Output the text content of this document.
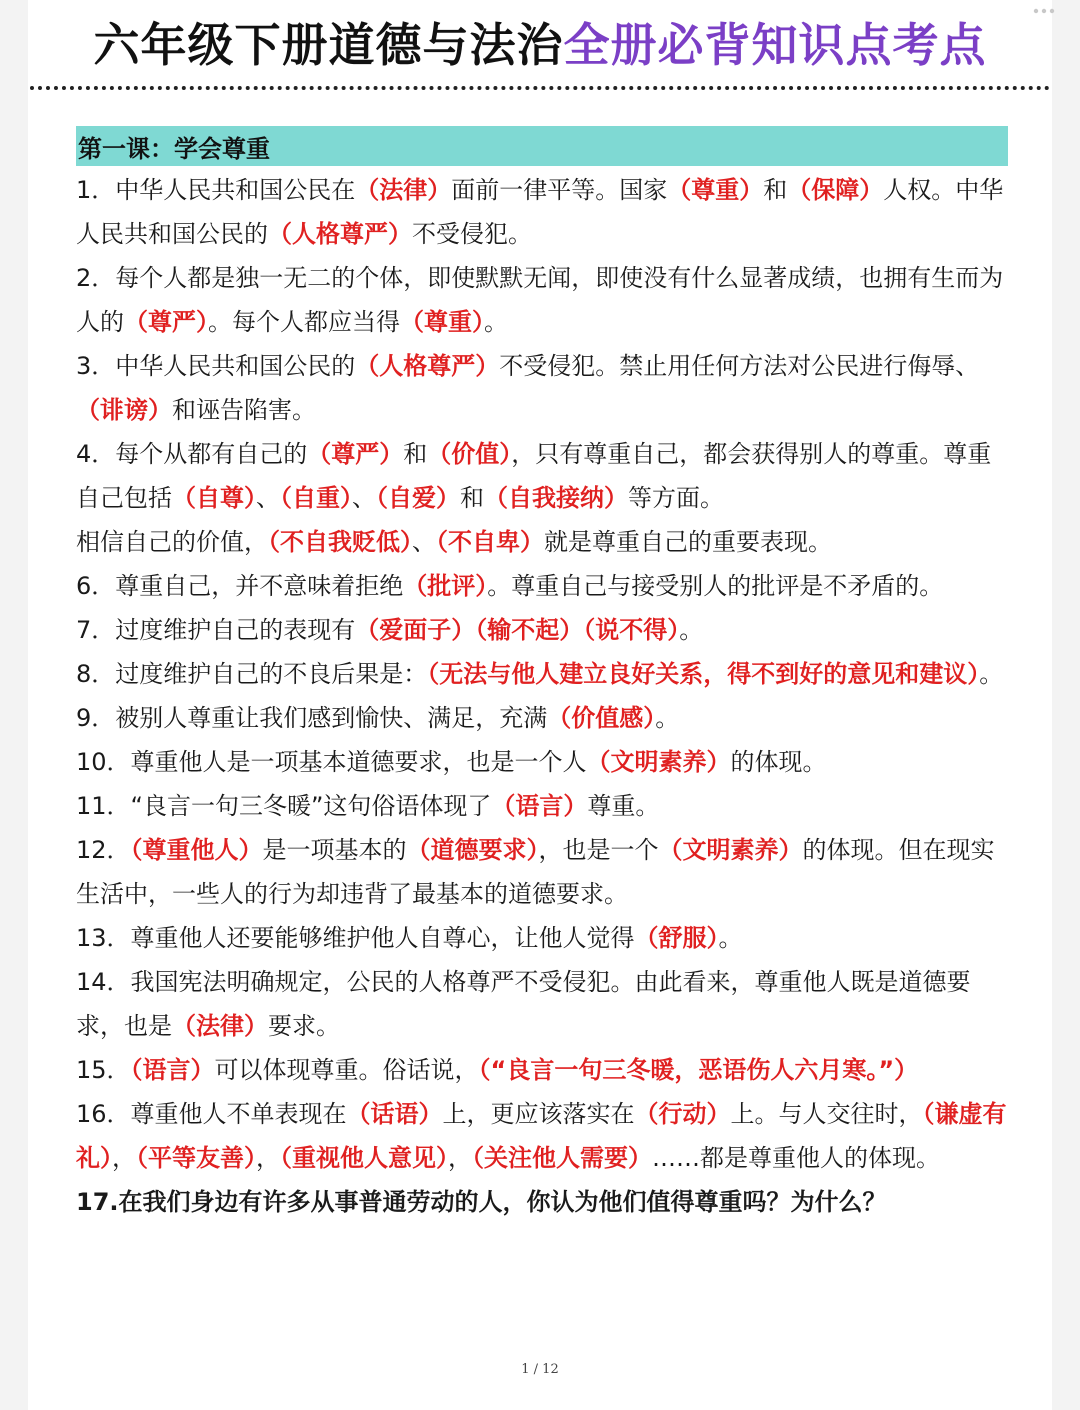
六年级下册道德与法治全册必背知识点考点
第一课：学会尊重
1．中华人民共和国公民在（法律）面前一律平等。国家（尊重）和（保障）人权。中华人民共和国公民的（人格尊严）不受侵犯。
2．每个人都是独一无二的个体，即使默默无闻，即使没有什么显著成绩，也拥有生而为人的（尊严）。每个人都应当得（尊重）。
3．中华人民共和国公民的（人格尊严）不受侵犯。禁止用任何方法对公民进行侮辱、（诽谤）和诬告陷害。
4．每个从都有自己的（尊严）和（价值），只有尊重自己，都会获得别人的尊重。尊重自己包括（自尊）、（自重）、（自爱）和（自我接纳）等方面。
相信自己的价值，（不自我贬低）、（不自卑）就是尊重自己的重要表现。
6．尊重自己，并不意味着拒绝（批评）。尊重自己与接受别人的批评是不矛盾的。
7．过度维护自己的表现有（爱面子）（输不起）（说不得）。
8．过度维护自己的不良后果是：（无法与他人建立良好关系，得不到好的意见和建议）。
9．被别人尊重让我们感到愉快、满足，充满（价值感）。
10．尊重他人是一项基本道德要求，也是一个人（文明素养）的体现。
11．“良言一句三冬暖”这句俗语体现了（语言）尊重。
12．（尊重他人）是一项基本的（道德要求），也是一个（文明素养）的体现。但在现实生活中，一些人的行为却违背了最基本的道德要求。
13．尊重他人还要能够维护他人自尊心，让他人觉得（舒服）。
14．我国宪法明确规定，公民的人格尊严不受侵犯。由此看来，尊重他人既是道德要求，也是（法律）要求。
15．（语言）可以体现尊重。俗话说，（“良言一句三冬暖，恶语伤人六月寒。”）
16．尊重他人不单表现在（话语）上，更应该落实在（行动）上。与人交往时，（谦虚有礼），（平等友善），（重视他人意见），（关注他人需要）……都是尊重他人的体现。
17.在我们身边有许多从事普通劳动的人，你认为他们值得尊重吗？为什么？
1 / 12
